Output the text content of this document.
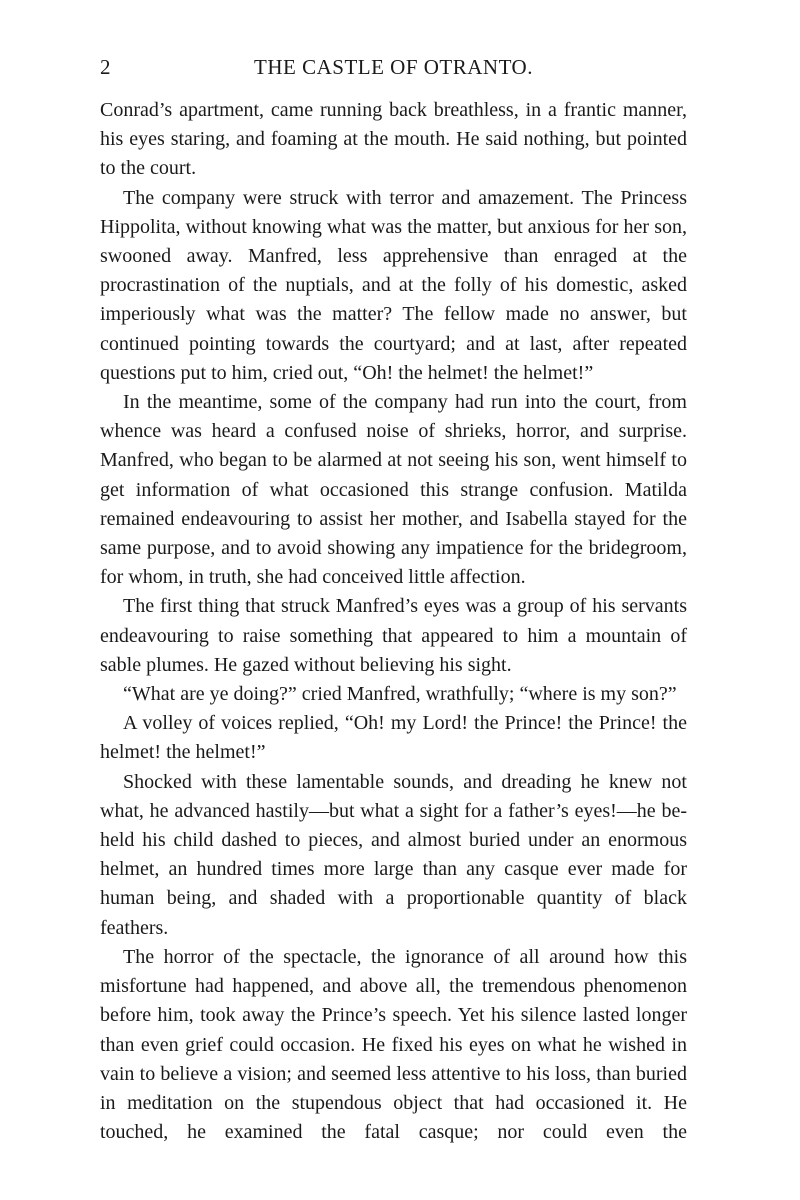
2	THE CASTLE OF OTRANTO.

Conrad’s apartment, came running back breathless, in a frantic manner, his eyes staring, and foaming at the mouth. He said nothing, but pointed to the court.

The company were struck with terror and amazement. The Princess Hippolita, without knowing what was the matter, but anxious for her son, swooned away. Manfred, less apprehensive than enraged at the procrastination of the nuptials, and at the folly of his domestic, asked imperiously what was the matter? The fellow made no answer, but continued pointing towards the courtyard; and at last, after repeated questions put to him, cried out, “Oh! the helmet! the helmet!”

In the meantime, some of the company had run into the court, from whence was heard a confused noise of shrieks, horror, and surprise. Manfred, who began to be alarmed at not seeing his son, went himself to get information of what occasioned this strange confusion. Matilda remained endeavouring to assist her mother, and Isabella stayed for the same purpose, and to avoid showing any impatience for the bridegroom, for whom, in truth, she had conceived little affection.

The first thing that struck Manfred’s eyes was a group of his servants endeavouring to raise something that appeared to him a mountain of sable plumes. He gazed without believing his sight.

“What are ye doing?” cried Manfred, wrathfully; “where is my son?”

A volley of voices replied, “Oh! my Lord! the Prince! the Prince! the helmet! the helmet!”

Shocked with these lamentable sounds, and dreading he knew not what, he advanced hastily—but what a sight for a father’s eyes!—he beheld his child dashed to pieces, and almost buried under an enormous helmet, an hundred times more large than any casque ever made for human being, and shaded with a proportionable quantity of black feathers.

The horror of the spectacle, the ignorance of all around how this misfortune had happened, and above all, the tremendous phenomenon before him, took away the Prince’s speech. Yet his silence lasted longer than even grief could occasion. He fixed his eyes on what he wished in vain to believe a vision; and seemed less attentive to his loss, than buried in meditation on the stupendous object that had occasioned it. He touched, he examined the fatal casque; nor could even the
